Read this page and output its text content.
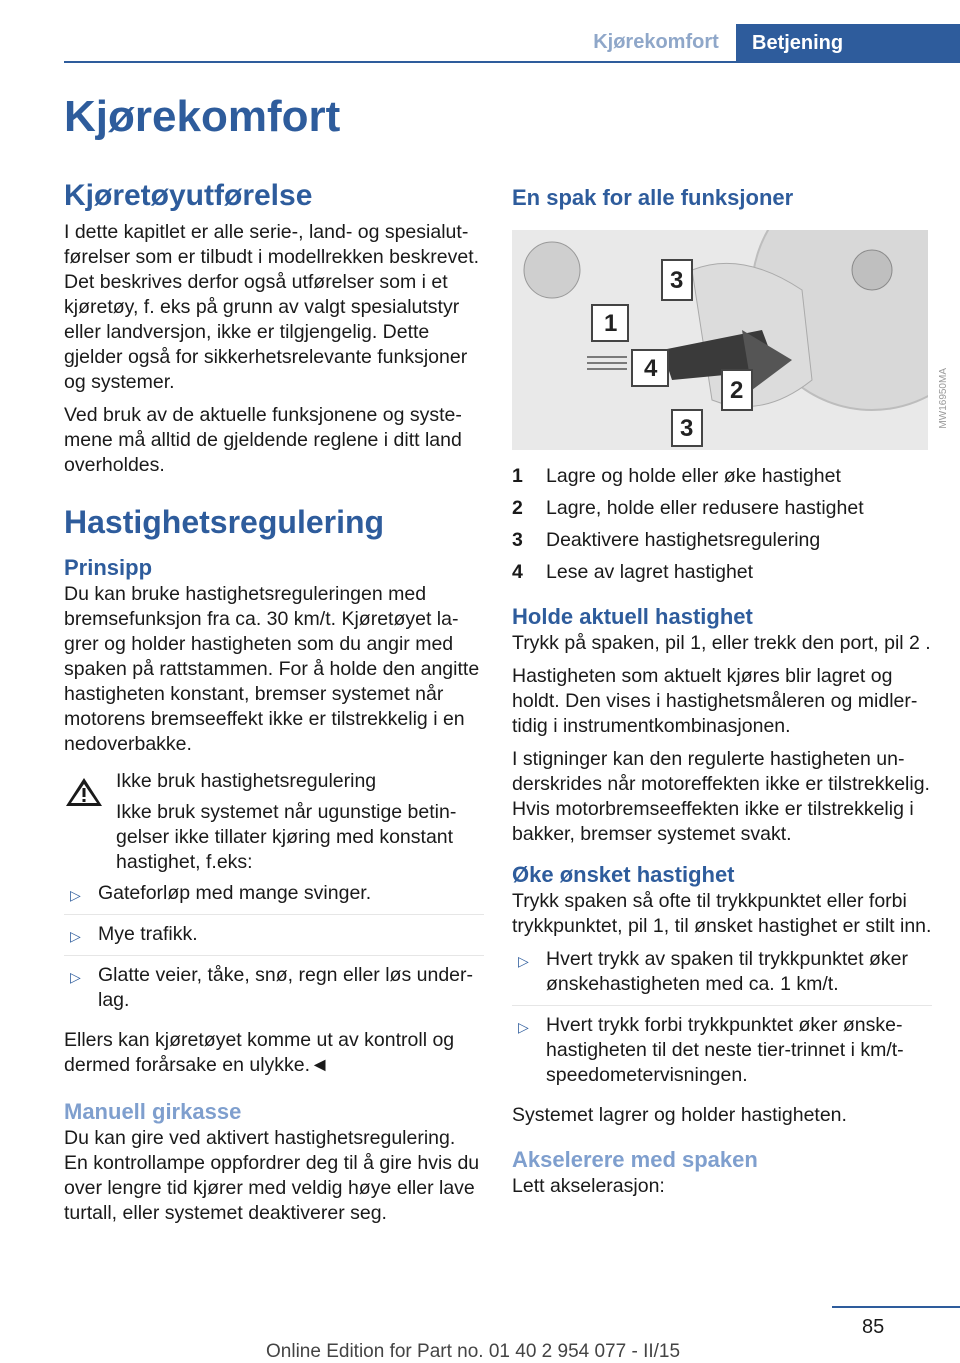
Kjørekomfort	Betjening
Kjørekomfort
Kjøretøyutførelse

I dette kapitlet er alle serie-, land- og spesialutførelser som er tilbudt i modellrekken beskrevet. Det beskrives derfor også utførelser som i et kjøretøy, f. eks på grunn av valgt spesialutstyr eller landversjon, ikke er tilgjengelig. Dette gjelder også for sikkerhetsrelevante funksjoner og systemer.

Ved bruk av de aktuelle funksjonene og systemene må alltid de gjeldende reglene i ditt land overholdes.

Hastighetsregulering
Prinsipp

Du kan bruke hastighetsreguleringen med bremsefunksjon fra ca. 30 km/t. Kjøretøyet lagrer og holder hastigheten som du angir med spaken på rattstammen. For å holde den angitte hastigheten konstant, bremser systemet når motorens bremseeffekt ikke er tilstrekkelig i en nedoverbakke.

Ikke bruk hastighetsregulering

Ikke bruk systemet når ugunstige betingelser ikke tillater kjøring med konstant hastighet, f.eks:

▷ Gateforløp med mange svinger.
▷ Mye trafikk.
▷ Glatte veier, tåke, snø, regn eller løs underlag.

Ellers kan kjøretøyet komme ut av kontroll og dermed forårsake en ulykke.◄

Manuell girkasse

Du kan gire ved aktivert hastighetsregulering. En kontrollampe oppfordrer deg til å gire hvis du over lengre tid kjører med veldig høye eller lave turtall, eller systemet deaktiverer seg.

En spak for alle funksjoner
1
4
3
3
2
1	Lagre og holde eller øke hastighet
2	Lagre, holde eller redusere hastighet
3	Deaktivere hastighetsregulering
4	Lese av lagret hastighet
Holde aktuell hastighet

Trykk på spaken, pil 1, eller trekk den port, pil 2 .

Hastigheten som aktuelt kjøres blir lagret og holdt. Den vises i hastighetsmåleren og midlertidig i instrumentkombinasjonen.

I stigninger kan den regulerte hastigheten underskrides når motoreffekten ikke er tilstrekkelig. Hvis motorbremseeffekten ikke er tilstrekkelig i bakker, bremser systemet svakt.

Øke ønsket hastighet

Trykk spaken så ofte til trykkpunktet eller forbi trykkpunktet, pil 1, til ønsket hastighet er stilt inn.

▷ Hvert trykk av spaken til trykkpunktet øker ønskehastigheten med ca. 1 km/t.
▷ Hvert trykk forbi trykkpunktet øker ønskehastigheten til det neste tier-trinnet i km/t-speedometervisningen.

Systemet lagrer og holder hastigheten.

Akselerere med spaken

Lett akselerasjon:

MW16950MA
85
Online Edition for Part no. 01 40 2 954 077 - II/15
